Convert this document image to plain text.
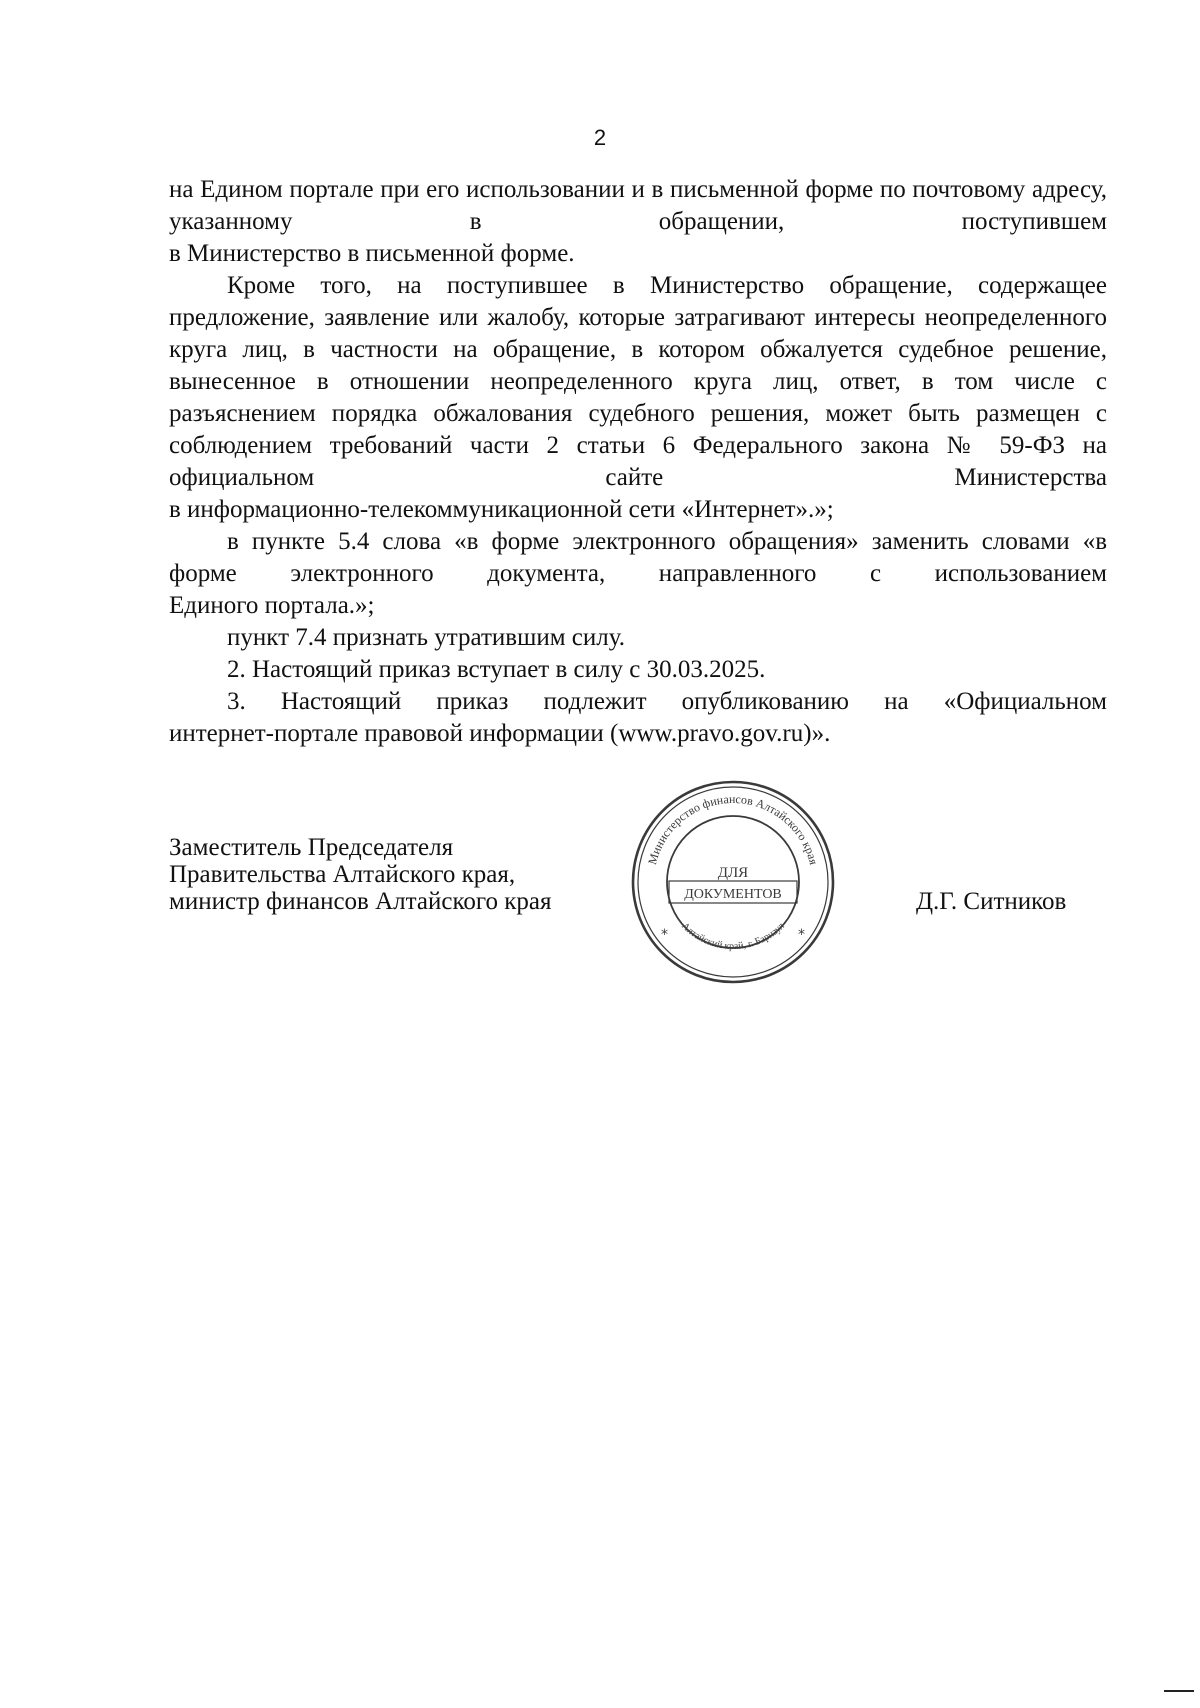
2

на Едином портале при его использовании и в письменной форме по почтовому адресу, указанному в обращении, поступившем

в Министерство в письменной форме.

Кроме того, на поступившее в Министерство обращение, содержащее предложение, заявление или жалобу, которые затрагивают интересы неопределенного круга лиц, в частности на обращение, в котором обжалуется судебное решение, вынесенное в отношении неопределенного круга лиц, ответ, в том числе с разъяснением порядка обжалования судебного решения, может быть размещен с соблюдением требований части 2 статьи 6 Федерального закона № 59-ФЗ на официальном сайте Министерства

в информационно-телекоммуникационной сети «Интернет».»;

в пункте 5.4 слова «в форме электронного обращения» заменить словами «в форме электронного документа, направленного с использованием

Единого портала.»;

пункт 7.4 признать утратившим силу.

2. Настоящий приказ вступает в силу с 30.03.2025.

3. Настоящий приказ подлежит опубликованию на «Официальном

интернет-портале правовой информации (www.pravo.gov.ru)».

Заместитель Председателя
Правительства Алтайского края,
министр финансов Алтайского края
Министерство финансов Алтайского края
Алтайский край, г. Барнаул
*	*
ДЛЯ
ДОКУМЕНТОВ	Д.Г. Ситников
